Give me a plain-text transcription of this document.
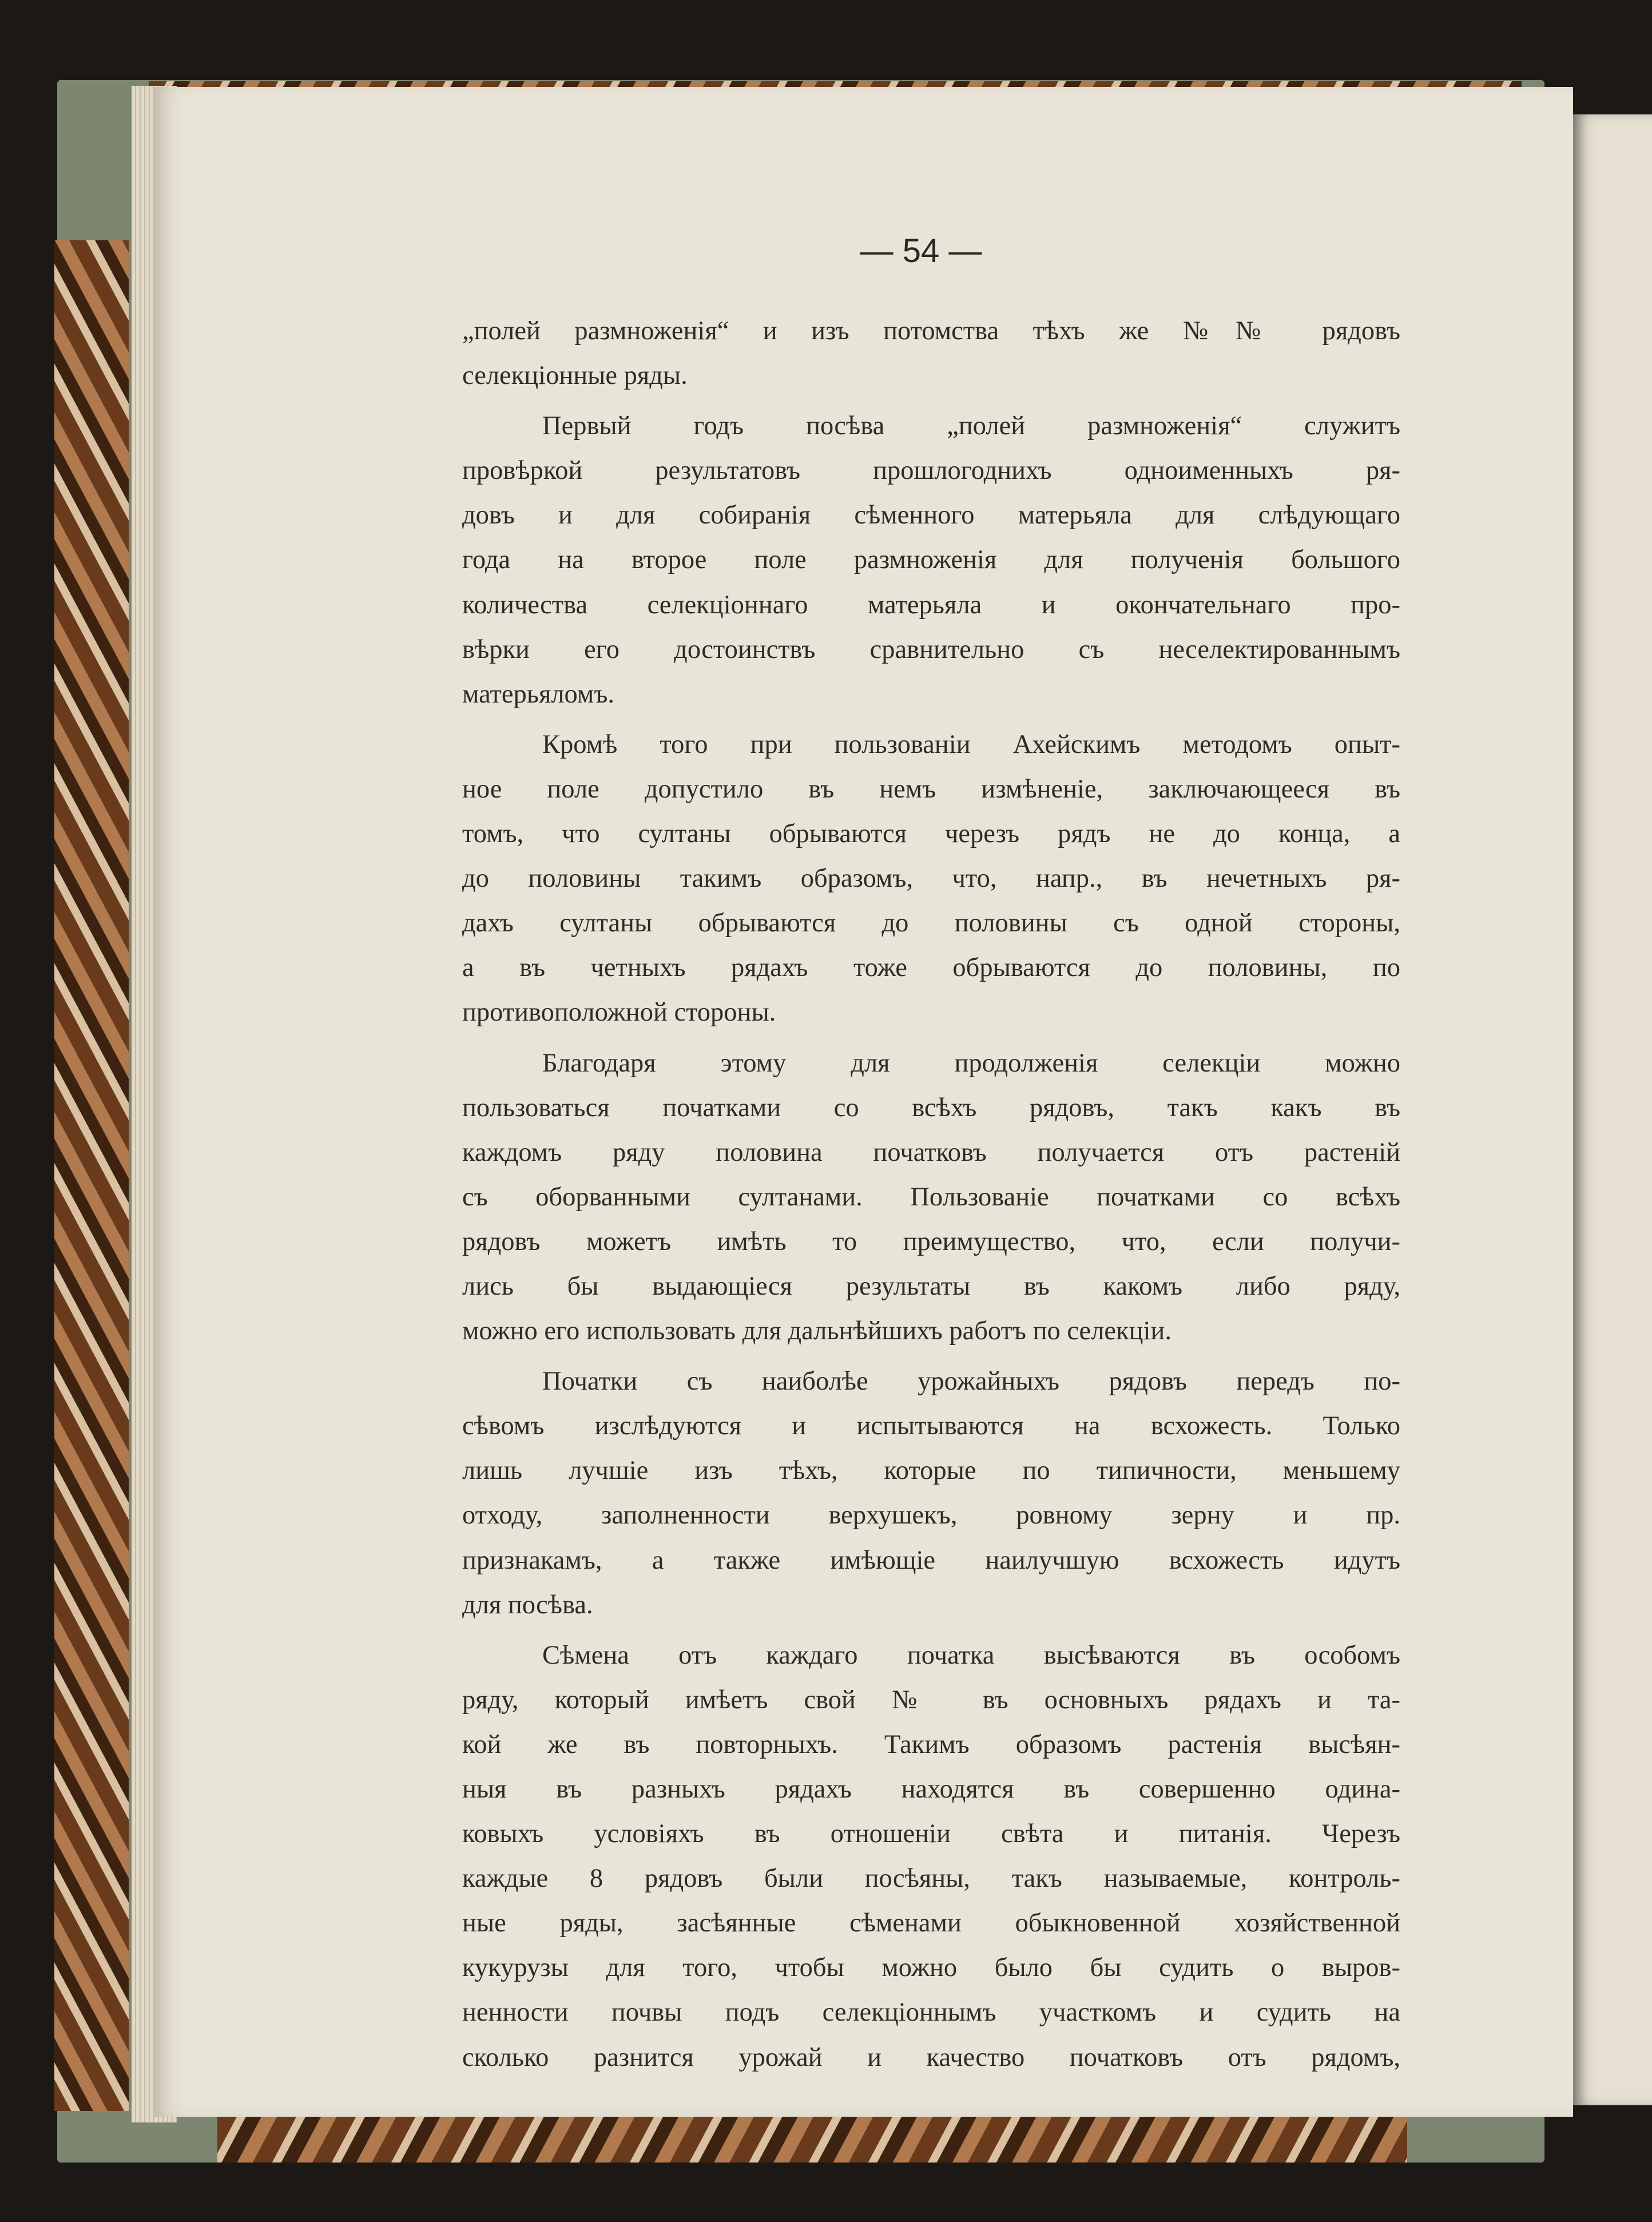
— 54 —

„полей размноженія“ и изъ потомства тѣхъ же №№ рядовъ

селекціонные ряды.

Первый годъ посѣва „полей размноженія“ служитъ

провѣркой результатовъ прошлогоднихъ одноименныхъ ря-

довъ и для собиранія сѣменного матерьяла для слѣдующаго

года на второе поле размноженія для полученія большого

количества селекціоннаго матерьяла и окончательнаго про-

вѣрки его достоинствъ сравнительно съ неселектированнымъ

матерьяломъ.

Кромѣ того при пользованіи Ахейскимъ методомъ опыт-

ное поле допустило въ немъ измѣненіе, заключающееся въ

томъ, что султаны обрываются черезъ рядъ не до конца, а

до половины такимъ образомъ, что, напр., въ нечетныхъ ря-

дахъ султаны обрываются до половины съ одной стороны,

а въ четныхъ рядахъ тоже обрываются до половины, по

противоположной стороны.

Благодаря этому для продолженія селекціи можно

пользоваться початками со всѣхъ рядовъ, такъ какъ въ

каждомъ ряду половина початковъ получается отъ растеній

съ оборванными султанами. Пользованіе початками со всѣхъ

рядовъ можетъ имѣть то преимущество, что, если получи-

лись бы выдающіеся результаты въ какомъ либо ряду,

можно его использовать для дальнѣйшихъ работъ по селекціи.

Початки съ наиболѣе урожайныхъ рядовъ передъ по-

сѣвомъ изслѣдуются и испытываются на всхожесть. Только

лишь лучшіе изъ тѣхъ, которые по типичности, меньшему

отходу, заполненности верхушекъ, ровному зерну и пр.

признакамъ, а также имѣющіе наилучшую всхожесть идутъ

для посѣва.

Сѣмена отъ каждаго початка высѣваются въ особомъ

ряду, который имѣетъ свой № въ основныхъ рядахъ и та-

кой же въ повторныхъ. Такимъ образомъ растенія высѣян-

ныя въ разныхъ рядахъ находятся въ совершенно одина-

ковыхъ условіяхъ въ отношеніи свѣта и питанія. Черезъ

каждые 8 рядовъ были посѣяны, такъ называемые, контроль-

ные ряды, засѣянные сѣменами обыкновенной хозяйственной

кукурузы для того, чтобы можно было бы судить о выров-

ненности почвы подъ селекціоннымъ участкомъ и судить на

сколько разнится урожай и качество початковъ отъ рядомъ,
